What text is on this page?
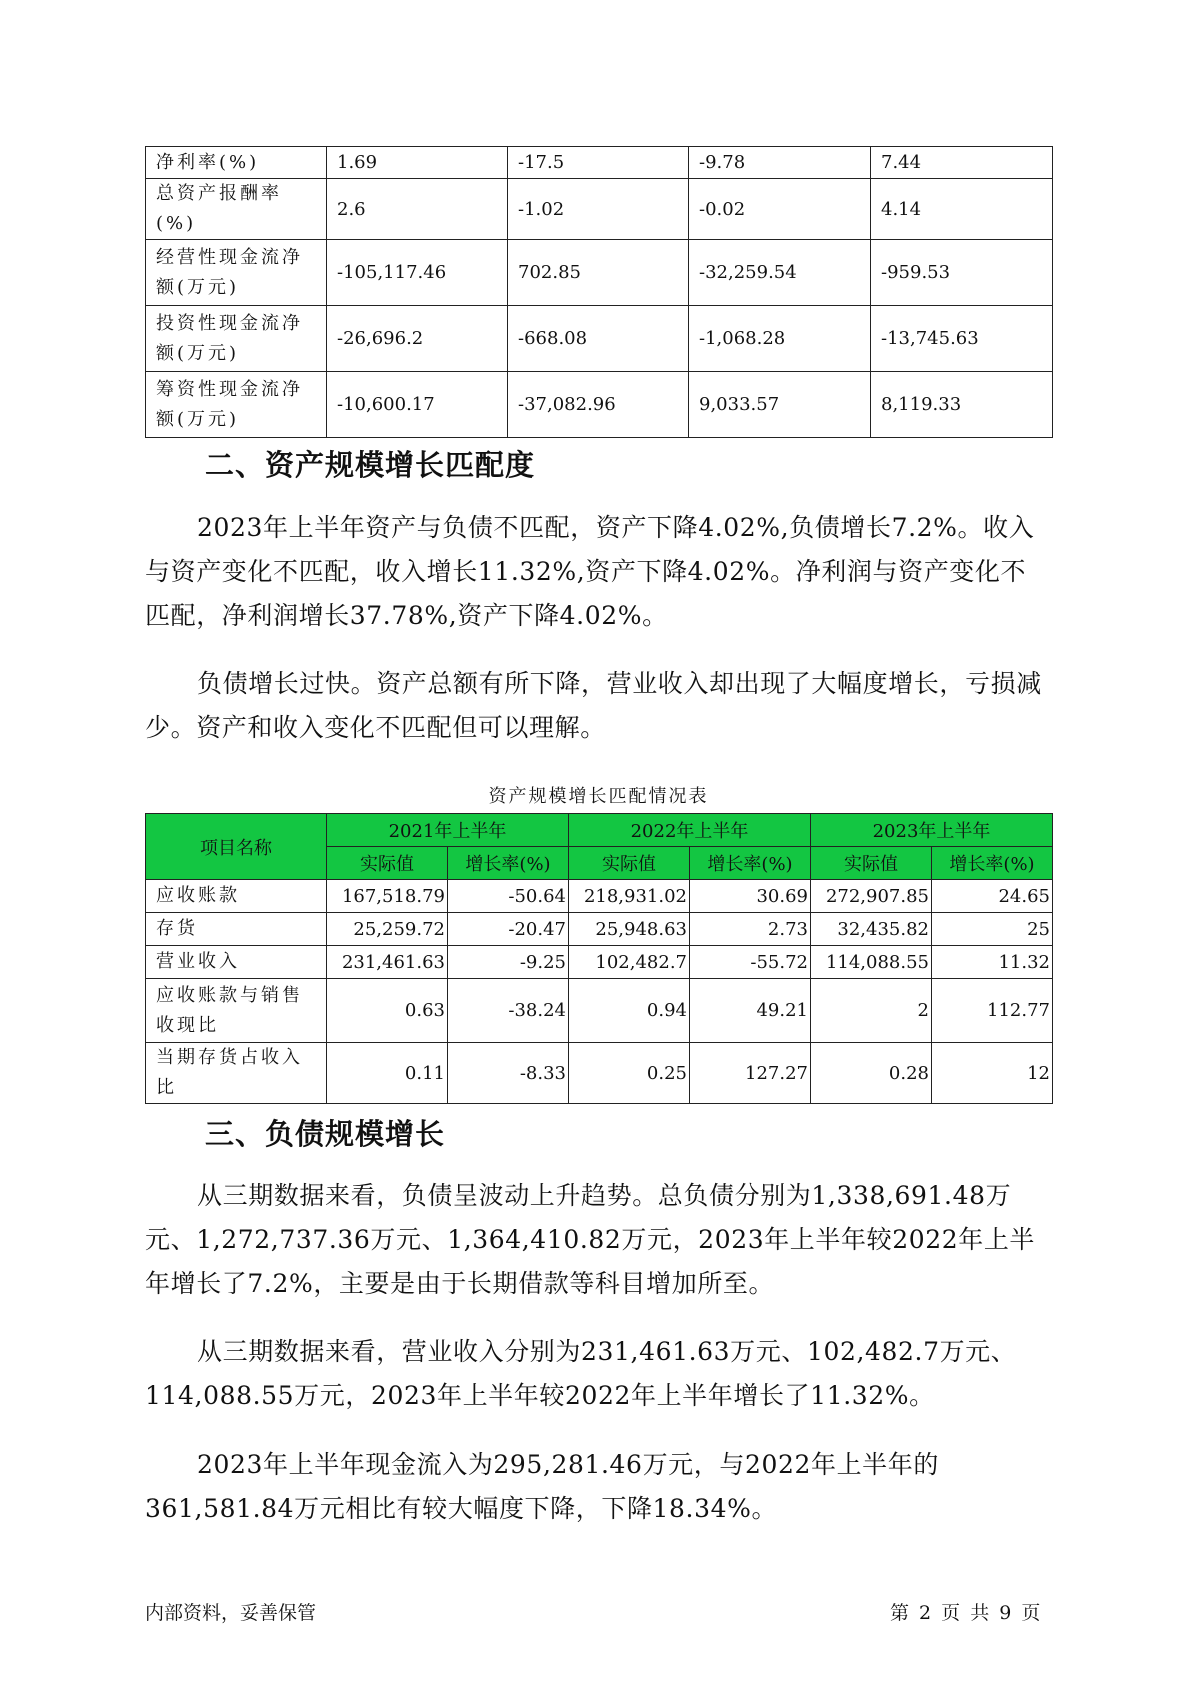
净利率(%)	1.69	-17.5	-9.78	7.44
总资产报酬率(%)	2.6	-1.02	-0.02	4.14
经营性现金流净额(万元)	-105,117.46	702.85	-32,259.54	-959.53
投资性现金流净额(万元)	-26,696.2	-668.08	-1,068.28	-13,745.63
筹资性现金流净额(万元)	-10,600.17	-37,082.96	9,033.57	8,119.33
二、资产规模增长匹配度

2023年上半年资产与负债不匹配，资产下降4.02%,负债增长7.2%。收入与资产变化不匹配，收入增长11.32%,资产下降4.02%。净利润与资产变化不匹配，净利润增长37.78%,资产下降4.02%。

负债增长过快。资产总额有所下降，营业收入却出现了大幅度增长，亏损减少。资产和收入变化不匹配但可以理解。

资产规模增长匹配情况表
项目名称	2021年上半年		2022年上半年		2023年上半年	
	实际值	增长率(%)	实际值	增长率(%)	实际值	增长率(%)
应收账款	167,518.79	-50.64	218,931.02	30.69	272,907.85	24.65
存货	25,259.72	-20.47	25,948.63	2.73	32,435.82	25
营业收入	231,461.63	-9.25	102,482.7	-55.72	114,088.55	11.32
应收账款与销售收现比	0.63	-38.24	0.94	49.21	2	112.77
当期存货占收入比	0.11	-8.33	0.25	127.27	0.28	12
三、负债规模增长

从三期数据来看，负债呈波动上升趋势。总负债分别为1,338,691.48万元、1,272,737.36万元、1,364,410.82万元，2023年上半年较2022年上半年增长了7.2%，主要是由于长期借款等科目增加所至。

从三期数据来看，营业收入分别为231,461.63万元、102,482.7万元、114,088.55万元，2023年上半年较2022年上半年增长了11.32%。

2023年上半年现金流入为295,281.46万元，与2022年上半年的361,581.84万元相比有较大幅度下降，下降18.34%。

内部资料，妥善保管	第 2 页 共 9 页
